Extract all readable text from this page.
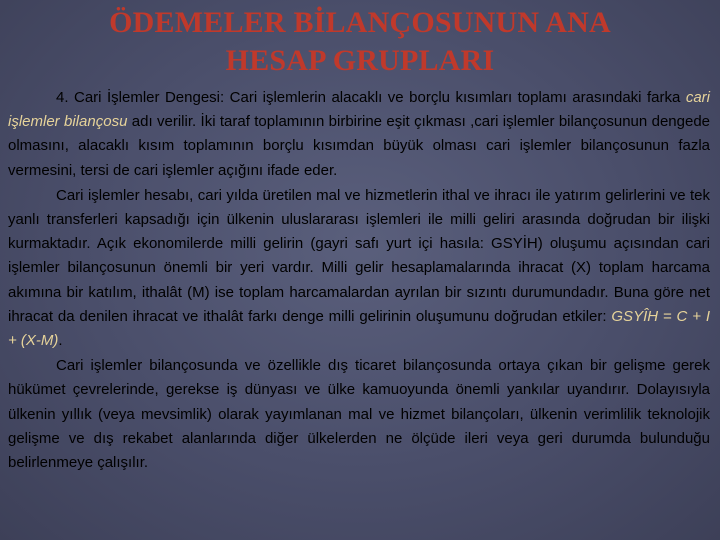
ÖDEMELER BİLANÇOSUNUN ANA
HESAP GRUPLARI

4. Cari İşlemler Dengesi: Cari işlemlerin alacaklı ve borçlu kısımları toplamı arasındaki farka cari işlemler bilançosu adı verilir. İki taraf toplamının birbirine eşit çıkması ,cari işlemler bilançosunun dengede olmasını, alacaklı kısım toplamının borçlu kısımdan büyük olması cari işlemler bilançosunun fazla vermesini, tersi de cari işlemler açığını ifade eder.

Cari işlemler hesabı, cari yılda üretilen mal ve hizmetlerin ithal ve ihracı ile yatırım gelirlerini ve tek yanlı transferleri kapsadığı için ülkenin uluslararası işlemleri ile milli geliri arasında doğrudan bir ilişki kurmaktadır. Açık ekonomilerde milli gelirin (gayri safı yurt içi hasıla: GSYİH) oluşumu açısından cari işlemler bilançosunun önemli bir yeri vardır. Milli gelir hesaplamalarında ihracat (X) toplam harcama akımına bir katılım, ithalât (M) ise toplam harcamalardan ayrılan bir sızıntı durumundadır. Buna göre net ihracat da denilen ihracat ve ithalât farkı denge milli gelirinin oluşumunu doğrudan etkiler: GSYÎH = C + I + (X-M).

Cari işlemler bilançosunda ve özellikle dış ticaret bilançosunda ortaya çıkan bir gelişme gerek hükümet çevrelerinde, gerekse iş dünyası ve ülke kamuoyunda önemli yankılar uyandırır. Dolayısıyla ülkenin yıllık (veya mevsimlik) olarak yayımlanan mal ve hizmet bilançoları, ülkenin verimlilik teknolojik gelişme ve dış rekabet alanlarında diğer ülkelerden ne ölçüde ileri veya geri durumda bulunduğu belirlenmeye çalışılır.
